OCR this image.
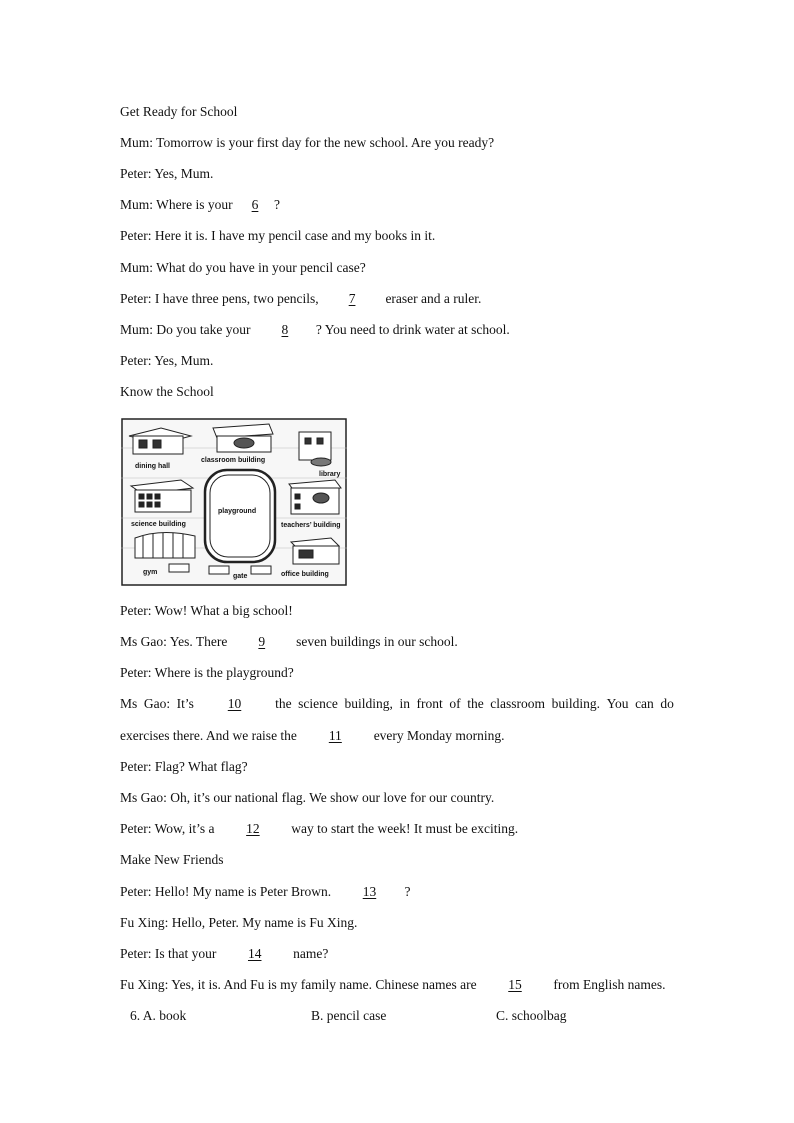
Get Ready for School
Mum: Tomorrow is your first day for the new school. Are you ready?
Peter: Yes, Mum.
Mum: Where is your 6 ?
Peter: Here it is. I have my pencil case and my books in it.
Mum: What do you have in your pencil case?
Peter: I have three pens, two pencils, 7 eraser and a ruler.
Mum: Do you take your 8 ? You need to drink water at school.
Peter: Yes, Mum.
Know the School
dining hall
classroom building
library
playground
science building	teachers’ building
gym
gate	office building
Peter: Wow! What a big school!
Ms Gao: Yes. There 9 seven buildings in our school.
Peter: Where is the playground?
Ms Gao: It’s	10	the science building, in front of the classroom building. You can do
exercises there. And we raise the 11 every Monday morning.
Peter: Flag? What flag?
Ms Gao: Oh, it’s our national flag. We show our love for our country.
Peter: Wow, it’s a 12 way to start the week! It must be exciting.
Make New Friends
Peter: Hello! My name is Peter Brown. 13 ?
Fu Xing: Hello, Peter. My name is Fu Xing.
Peter: Is that your 14 name?
Fu Xing: Yes, it is. And Fu is my family name. Chinese names are 15 from English names.
6. A. book	B. pencil case	C. schoolbag
